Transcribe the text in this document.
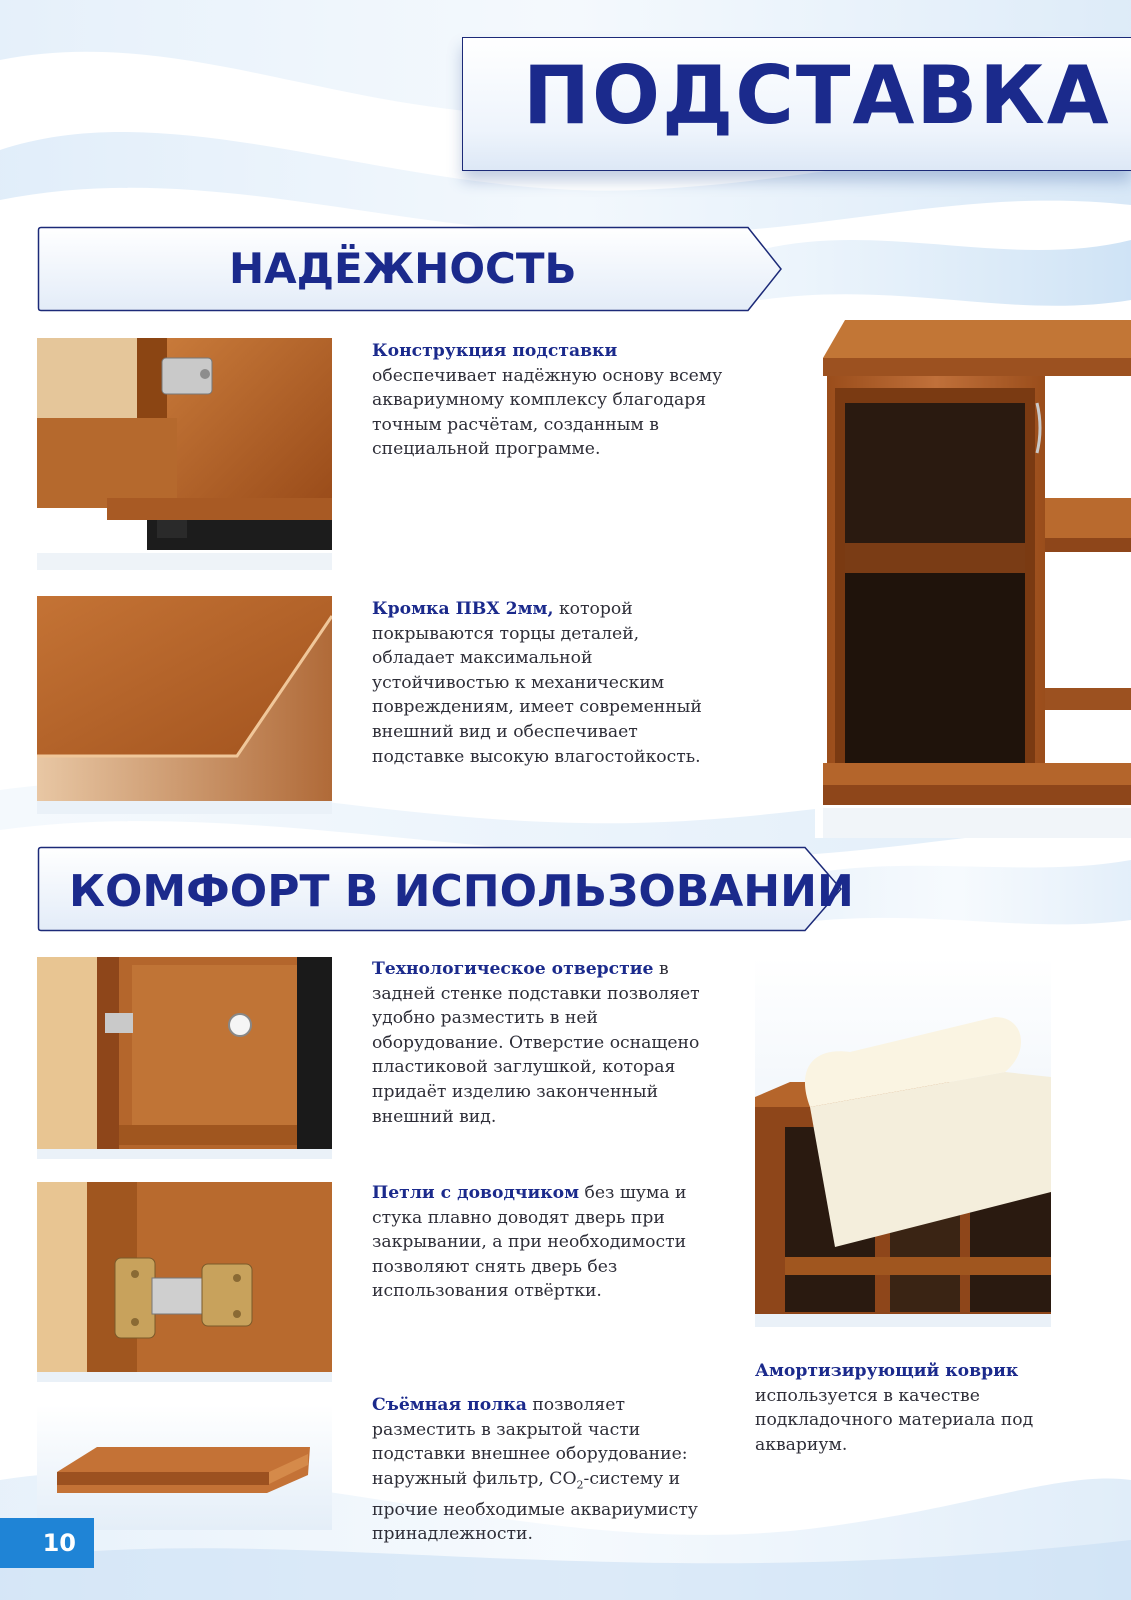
ПОДСТАВКА
НАДЁЖНОСТЬ
Конструкция подставки
обеспечивает надёжную основу всему
аквариумному комплексу благодаря
точным расчётам, созданным в
специальной программе.
Кромка ПВХ 2мм, которой
покрываются торцы деталей,
обладает максимальной
устойчивостью к механическим
повреждениям, имеет современный
внешний вид и обеспечивает
подставке высокую влагостойкость.
КОМФОРТ В ИСПОЛЬЗОВАНИИ
Технологическое отверстие в
задней стенке подставки позволяет
удобно разместить в ней
оборудование. Отверстие оснащено
пластиковой заглушкой, которая
придаёт изделию законченный
внешний вид.
Петли с доводчиком без шума и
стука плавно доводят дверь при
закрывании, а при необходимости
позволяют снять дверь без
использования отвёртки.
Съёмная полка позволяет
разместить в закрытой части
подставки внешнее оборудование:
наружный фильтр, $CO_2$-систему и
прочие необходимые аквариумисту
принадлежности.
Амортизирующий коврик
используется в качестве
подкладочного материала под
аквариум.
10
